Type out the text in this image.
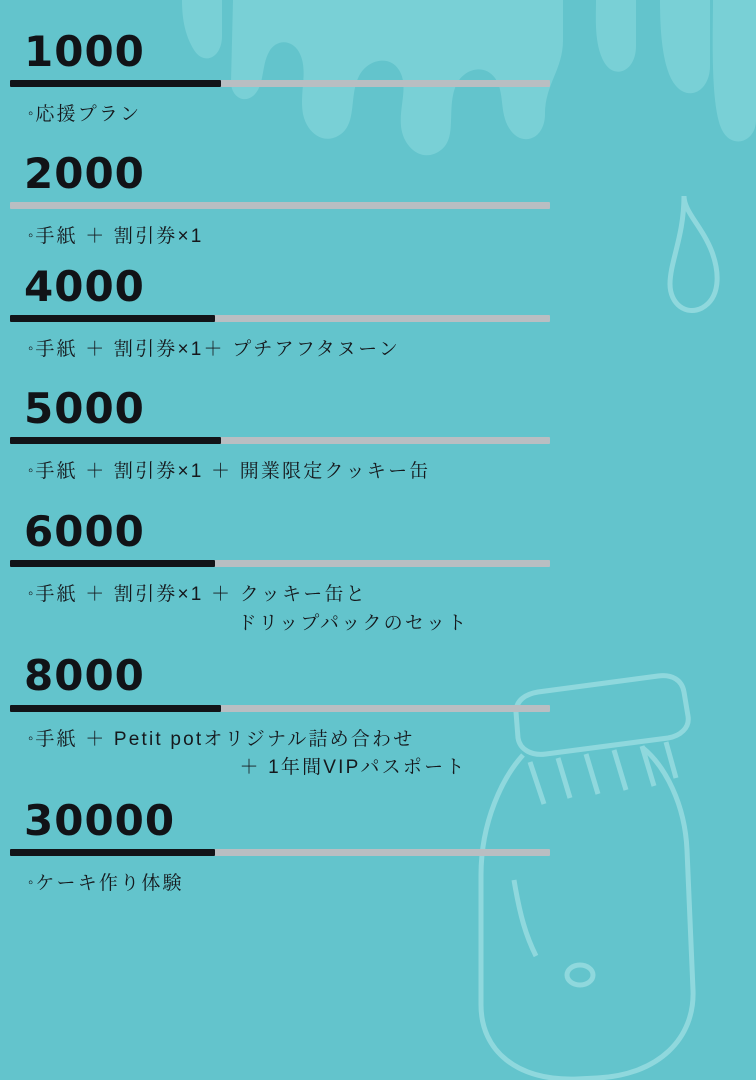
1000

◦ 応援プラン

2000

◦ 手紙 ＋ 割引券×1

4000

◦ 手紙 ＋ 割引券×1＋ プチアフタヌーン

5000

◦ 手紙 ＋ 割引券×1 ＋ 開業限定クッキー缶

6000

◦ 手紙 ＋ 割引券×1 ＋ クッキー缶と
ドリップパックのセット

8000

◦ 手紙 ＋ Petit potオリジナル詰め合わせ
＋ 1年間VIPパスポート

30000

◦ ケーキ作り体験
